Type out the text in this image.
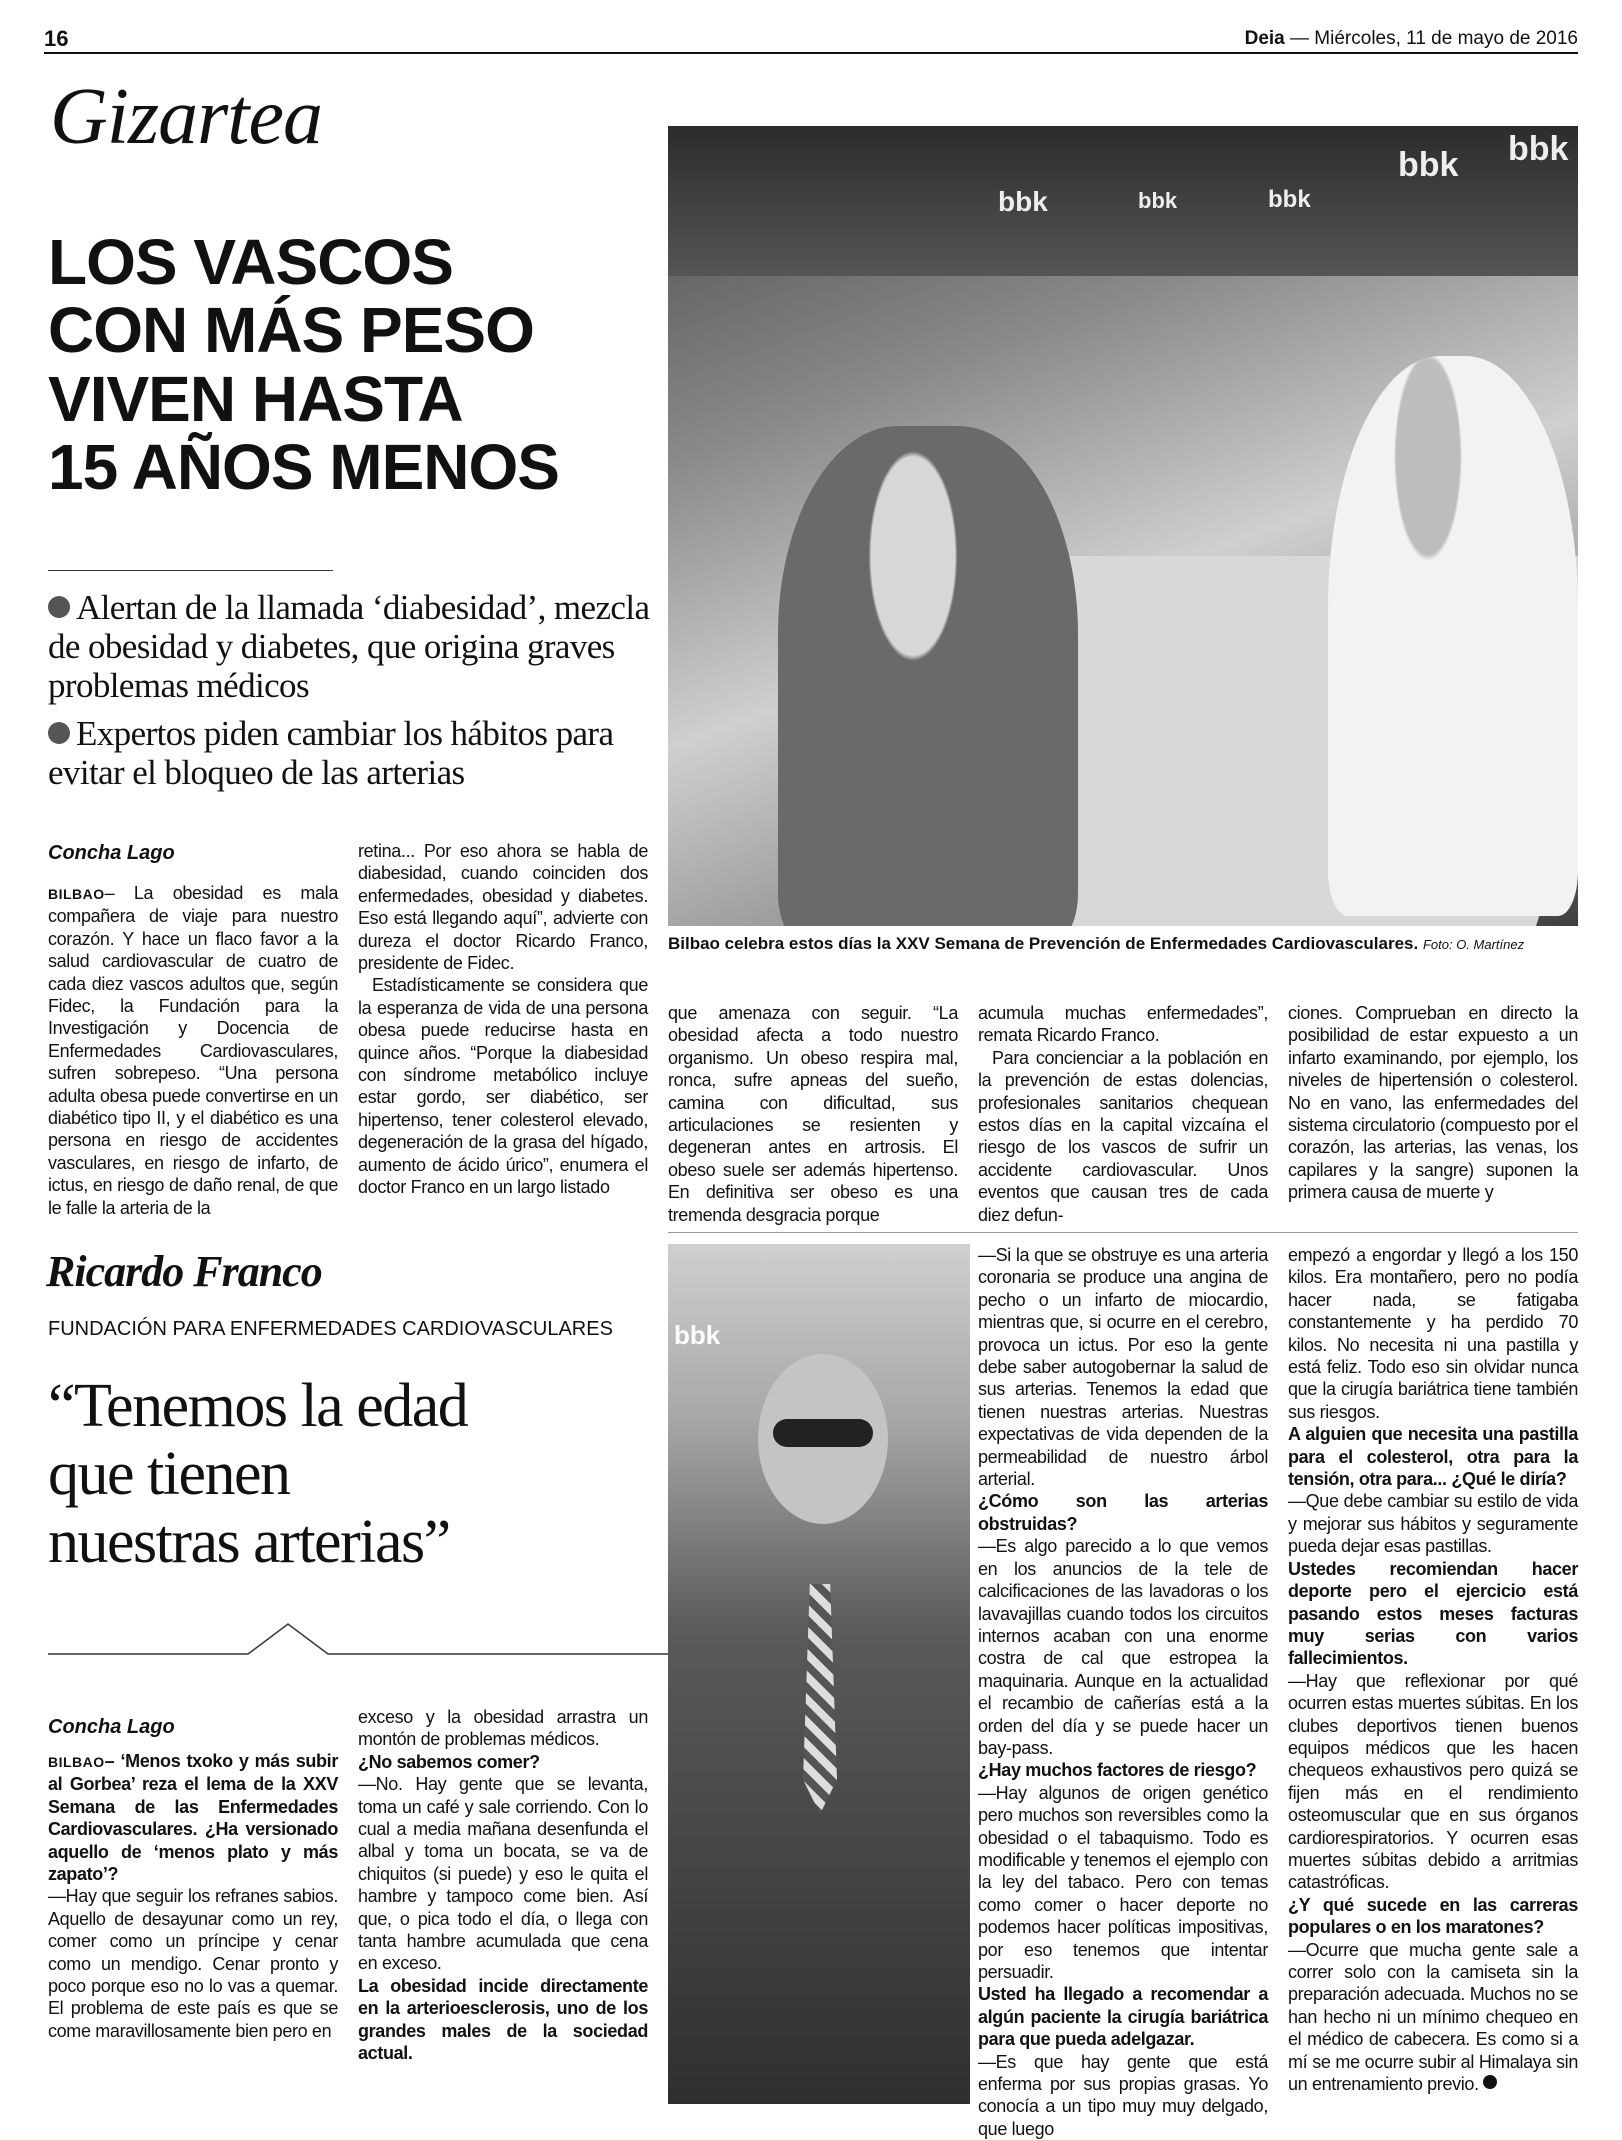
16	Deia — Miércoles, 11 de mayo de 2016
Gizartea
LOS VASCOS
CON MÁS PESO
VIVEN HASTA
15 AÑOS MENOS

Alertan de la llamada ‘diabesidad’, mezcla de obesidad y diabetes, que origina graves problemas médicos

Expertos piden cambiar los hábitos para evitar el bloqueo de las arterias

bbk	bbk	bbk
bbk bbk
Bilbao celebra estos días la XXV Semana de Prevención de Enfermedades Cardiovasculares. Foto: O. Martínez
Concha Lago

BILBAO– La obesidad es mala compañera de viaje para nuestro corazón. Y hace un flaco favor a la salud cardiovascular de cuatro de cada diez vascos adultos que, según Fidec, la Fundación para la Investigación y Docencia de Enfermedades Cardiovasculares, sufren sobrepeso. “Una persona adulta obesa puede convertirse en un diabético tipo II, y el diabético es una persona en riesgo de accidentes vasculares, en riesgo de infarto, de ictus, en riesgo de daño renal, de que le falle la arteria de la

retina... Por eso ahora se habla de diabesidad, cuando coinciden dos enfermedades, obesidad y diabetes. Eso está llegando aquí”, advierte con dureza el doctor Ricardo Franco, presidente de Fidec.

Estadísticamente se considera que la esperanza de vida de una persona obesa puede reducirse hasta en quince años. “Porque la diabesidad con síndrome metabólico incluye estar gordo, ser diabético, ser hipertenso, tener colesterol elevado, degeneración de la grasa del hígado, aumento de ácido úrico”, enumera el doctor Franco en un largo listado

que amenaza con seguir. “La obesidad afecta a todo nuestro organismo. Un obeso respira mal, ronca, sufre apneas del sueño, camina con dificultad, sus articulaciones se resienten y degeneran antes en artrosis. El obeso suele ser además hipertenso. En definitiva ser obeso es una tremenda desgracia porque

acumula muchas enfermedades”, remata Ricardo Franco.

Para concienciar a la población en la prevención de estas dolencias, profesionales sanitarios chequean estos días en la capital vizcaína el riesgo de los vascos de sufrir un accidente cardiovascular. Unos eventos que causan tres de cada diez defun-

ciones. Comprueban en directo la posibilidad de estar expuesto a un infarto examinando, por ejemplo, los niveles de hipertensión o colesterol. No en vano, las enfermedades del sistema circulatorio (compuesto por el corazón, las arterias, las venas, los capilares y la sangre) suponen la primera causa de muerte y

Ricardo Franco
FUNDACIÓN PARA ENFERMEDADES CARDIOVASCULARES
“Tenemos la edad
que tienen
nuestras arterias”
bbk
Concha Lago

BILBAO– ‘Menos txoko y más subir al Gorbea’ reza el lema de la XXV Semana de las Enfermedades Cardiovasculares. ¿Ha versionado aquello de ‘menos plato y más zapato’?

—Hay que seguir los refranes sabios. Aquello de desayunar como un rey, comer como un príncipe y cenar como un mendigo. Cenar pronto y poco porque eso no lo vas a quemar. El problema de este país es que se come maravillosamente bien pero en

exceso y la obesidad arrastra un montón de problemas médicos.

¿No sabemos comer?

—No. Hay gente que se levanta, toma un café y sale corriendo. Con lo cual a media mañana desenfunda el albal y toma un bocata, se va de chiquitos (si puede) y eso le quita el hambre y tampoco come bien. Así que, o pica todo el día, o llega con tanta hambre acumulada que cena en exceso.

La obesidad incide directamente en la arterioesclerosis, uno de los grandes males de la sociedad actual.

—Si la que se obstruye es una arteria coronaria se produce una angina de pecho o un infarto de miocardio, mientras que, si ocurre en el cerebro, provoca un ictus. Por eso la gente debe saber autogobernar la salud de sus arterias. Tenemos la edad que tienen nuestras arterias. Nuestras expectativas de vida dependen de la permeabilidad de nuestro árbol arterial.

¿Cómo son las arterias obstruidas?

—Es algo parecido a lo que vemos en los anuncios de la tele de calcificaciones de las lavadoras o los lavavajillas cuando todos los circuitos internos acaban con una enorme costra de cal que estropea la maquinaria. Aunque en la actualidad el recambio de cañerías está a la orden del día y se puede hacer un bay-pass.

¿Hay muchos factores de riesgo?

—Hay algunos de origen genético pero muchos son reversibles como la obesidad o el tabaquismo. Todo es modificable y tenemos el ejemplo con la ley del tabaco. Pero con temas como comer o hacer deporte no podemos hacer políticas impositivas, por eso tenemos que intentar persuadir.

Usted ha llegado a recomendar a algún paciente la cirugía bariátrica para que pueda adelgazar.

—Es que hay gente que está enferma por sus propias grasas. Yo conocía a un tipo muy muy delgado, que luego

empezó a engordar y llegó a los 150 kilos. Era montañero, pero no podía hacer nada, se fatigaba constantemente y ha perdido 70 kilos. No necesita ni una pastilla y está feliz. Todo eso sin olvidar nunca que la cirugía bariátrica tiene también sus riesgos.

A alguien que necesita una pastilla para el colesterol, otra para la tensión, otra para... ¿Qué le diría?

—Que debe cambiar su estilo de vida y mejorar sus hábitos y seguramente pueda dejar esas pastillas.

Ustedes recomiendan hacer deporte pero el ejercicio está pasando estos meses facturas muy serias con varios fallecimientos.

—Hay que reflexionar por qué ocurren estas muertes súbitas. En los clubes deportivos tienen buenos equipos médicos que les hacen chequeos exhaustivos pero quizá se fijen más en el rendimiento osteomuscular que en sus órganos cardiorespiratorios. Y ocurren esas muertes súbitas debido a arritmias catastróficas.

¿Y qué sucede en las carreras populares o en los maratones?

—Ocurre que mucha gente sale a correr solo con la camiseta sin la preparación adecuada. Muchos no se han hecho ni un mínimo chequeo en el médico de cabecera. Es como si a mí se me ocurre subir al Himalaya sin un entrenamiento previo.
